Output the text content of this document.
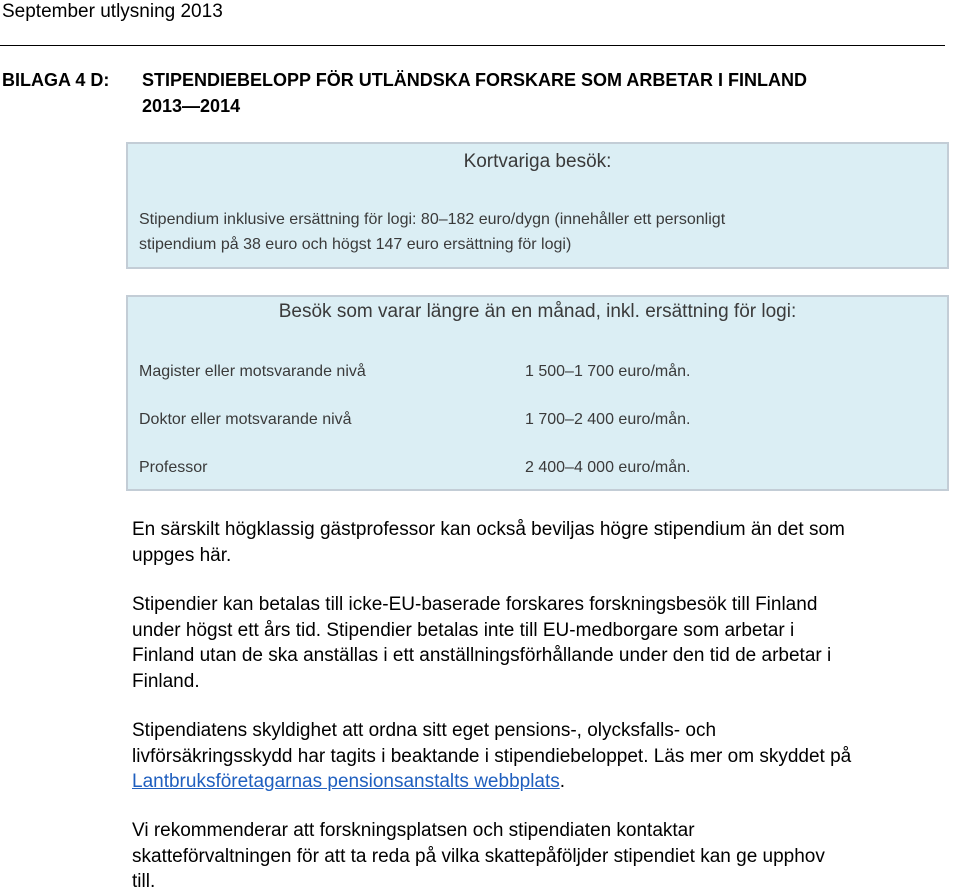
September utlysning 2013
BILAGA 4 D: STIPENDIEBELOPP FÖR UTLÄNDSKA FORSKARE SOM ARBETAR I FINLAND
2013—2014
Kortvariga besök:
Stipendium inklusive ersättning för logi: 80–182 euro/dygn (innehåller ett personligt
stipendium på 38 euro och högst 147 euro ersättning för logi)
Besök som varar längre än en månad, inkl. ersättning för logi:
Magister eller motsvarande nivå	1 500–1 700 euro/mån.
Doktor eller motsvarande nivå	1 700–2 400 euro/mån.
Professor	2 400–4 000 euro/mån.
En särskilt högklassig gästprofessor kan också beviljas högre stipendium än det som
uppges här.
Stipendier kan betalas till icke-EU-baserade forskares forskningsbesök till Finland
under högst ett års tid. Stipendier betalas inte till EU-medborgare som arbetar i
Finland utan de ska anställas i ett anställningsförhållande under den tid de arbetar i
Finland.
Stipendiatens skyldighet att ordna sitt eget pensions-, olycksfalls- och
livförsäkringsskydd har tagits i beaktande i stipendiebeloppet. Läs mer om skyddet på
Lantbruksföretagarnas pensionsanstalts webbplats.
Vi rekommenderar att forskningsplatsen och stipendiaten kontaktar
skatteförvaltningen för att ta reda på vilka skattepåföljder stipendiet kan ge upphov
till.
